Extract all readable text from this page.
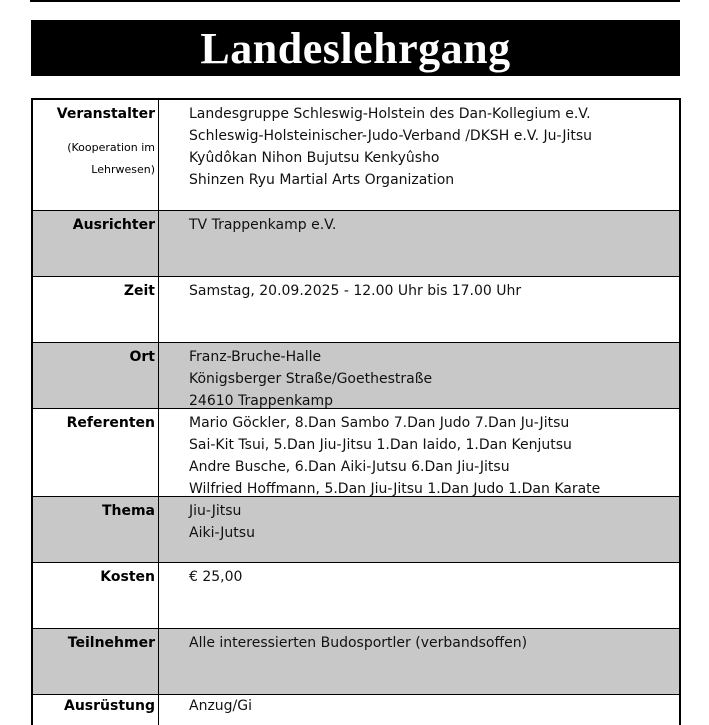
Landeslehrgang
Veranstalter
(Kooperation im
Lehrwesen)
Landesgruppe Schleswig-Holstein des Dan-Kollegium e.V.
Schleswig-Holsteinischer-Judo-Verband /DKSH e.V. Ju-Jitsu
Kyûdôkan Nihon Bujutsu Kenkyûsho
Shinzen Ryu Martial Arts Organization
Ausrichter TV Trappenkamp e.V.
Zeit Samstag, 20.09.2025 - 12.00 Uhr bis 17.00 Uhr
Ort Franz-Bruche-Halle
Königsberger Straße/Goethestraße
24610 Trappenkamp
Referenten Mario Göckler, 8.Dan Sambo 7.Dan Judo 7.Dan Ju-Jitsu
Sai-Kit Tsui, 5.Dan Jiu-Jitsu 1.Dan Iaido, 1.Dan Kenjutsu
Andre Busche, 6.Dan Aiki-Jutsu 6.Dan Jiu-Jitsu
Wilfried Hoffmann, 5.Dan Jiu-Jitsu 1.Dan Judo 1.Dan Karate
Thema Jiu-Jitsu
Aiki-Jutsu
Kosten € 25,00
Teilnehmer Alle interessierten Budosportler (verbandsoffen)
Ausrüstung Anzug/Gi
